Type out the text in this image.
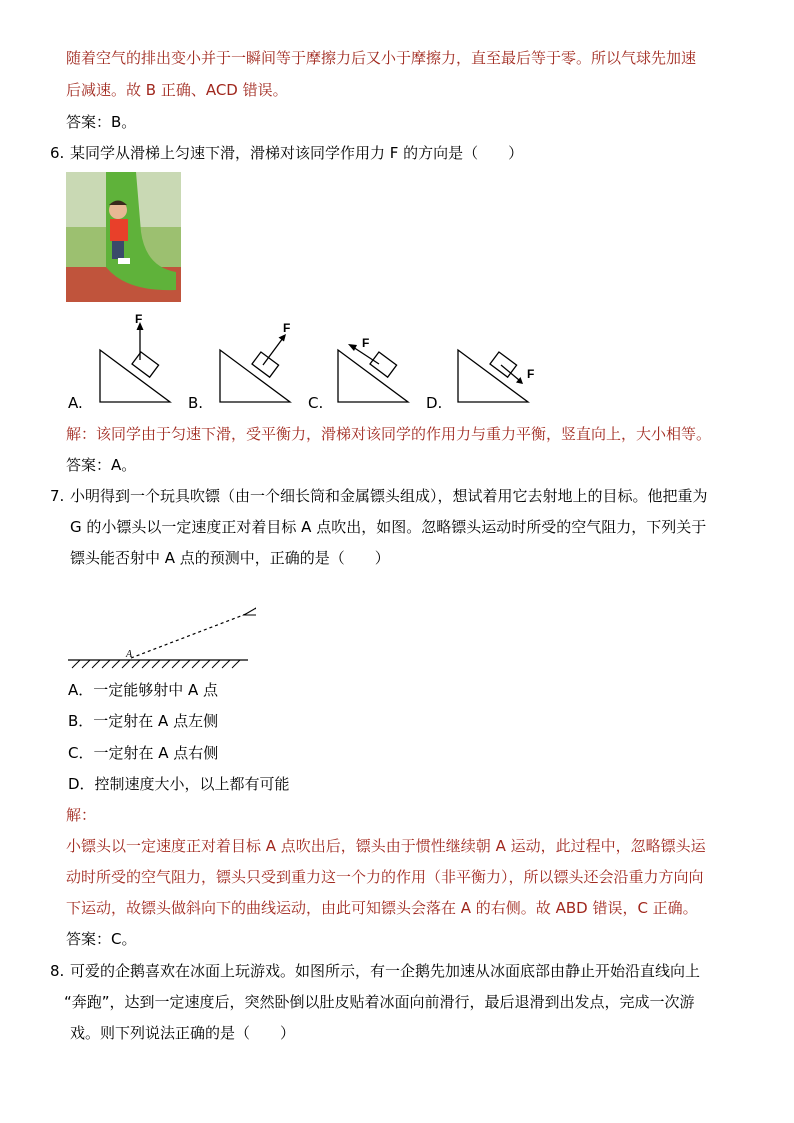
随着空气的排出变小并于一瞬间等于摩擦力后又小于摩擦力，直至最后等于零。所以气球先加速
后减速。故 B 正确、ACD 错误。
答案：B。
6. 某同学从滑梯上匀速下滑，滑梯对该同学作用力 F 的方向是（　　）
F
F
F
F
A.	B.	C.	D.
解：该同学由于匀速下滑，受平衡力，滑梯对该同学的作用力与重力平衡，竖直向上，大小相等。
答案：A。
7. 小明得到一个玩具吹镖（由一个细长筒和金属镖头组成），想试着用它去射地上的目标。他把重为
G 的小镖头以一定速度正对着目标 A 点吹出，如图。忽略镖头运动时所受的空气阻力，下列关于
镖头能否射中 A 点的预测中，正确的是（　　）
A
A．一定能够射中 A 点
B．一定射在 A 点左侧
C．一定射在 A 点右侧
D．控制速度大小，以上都有可能
解：
小镖头以一定速度正对着目标 A 点吹出后，镖头由于惯性继续朝 A 运动，此过程中，忽略镖头运
动时所受的空气阻力，镖头只受到重力这一个力的作用（非平衡力），所以镖头还会沿重力方向向
下运动，故镖头做斜向下的曲线运动，由此可知镖头会落在 A 的右侧。故 ABD 错误，C 正确。
答案：C。
8. 可爱的企鹅喜欢在冰面上玩游戏。如图所示，有一企鹅先加速从冰面底部由静止开始沿直线向上
“奔跑”，达到一定速度后，突然卧倒以肚皮贴着冰面向前滑行，最后退滑到出发点，完成一次游
戏。则下列说法正确的是（　　）
